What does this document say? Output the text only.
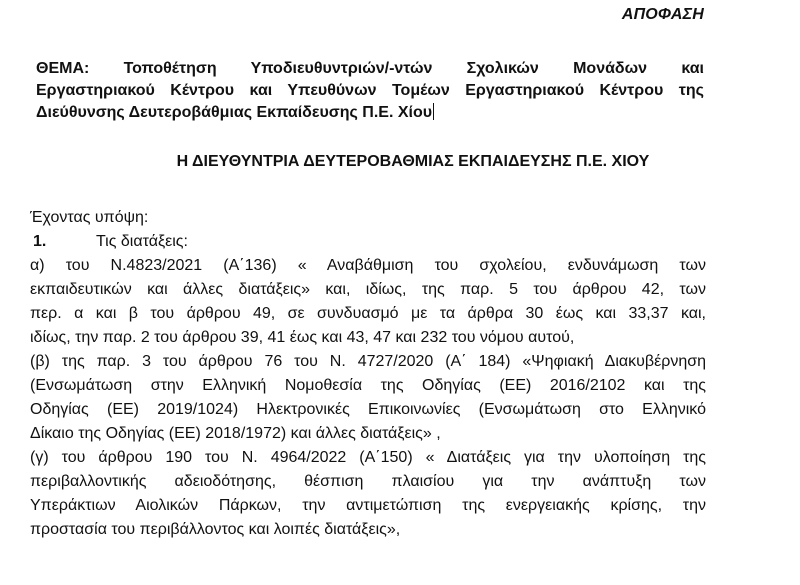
ΑΠΟΦΑΣΗ
ΘΕΜΑ: Τοποθέτηση Υποδιευθυντριών/-ντών Σχολικών Μονάδων και
Εργαστηριακού Κέντρου και Υπευθύνων Τομέων Εργαστηριακού Κέντρου της
Διεύθυνσης Δευτεροβάθμιας Εκπαίδευσης Π.Ε. Χίου
Η ΔΙΕΥΘΥΝΤΡΙΑ ΔΕΥΤΕΡΟΒΑΘΜΙΑΣ ΕΚΠΑΙΔΕΥΣΗΣ Π.Ε. ΧΙΟΥ
Έχοντας υπόψη:
1.	Τις διατάξεις:
α) του Ν.4823/2021 (Α΄136) « Αναβάθμιση του σχολείου, ενδυνάμωση των
εκπαιδευτικών και άλλες διατάξεις» και, ιδίως, της παρ. 5 του άρθρου 42, των
περ. α και β του άρθρου 49, σε συνδυασμό με τα άρθρα 30 έως και 33,37 και,
ιδίως, την παρ. 2 του άρθρου 39, 41 έως και 43, 47 και 232 του νόμου αυτού,
(β) της παρ. 3 του άρθρου 76 του Ν. 4727/2020 (Α΄ 184) «Ψηφιακή Διακυβέρνηση
(Ενσωμάτωση στην Ελληνική Νομοθεσία της Οδηγίας (ΕΕ) 2016/2102 και της
Οδηγίας (ΕΕ) 2019/1024) Ηλεκτρονικές Επικοινωνίες (Ενσωμάτωση στο Ελληνικό
Δίκαιο της Οδηγίας (ΕΕ) 2018/1972) και άλλες διατάξεις» ,
(γ) του άρθρου 190 του Ν. 4964/2022 (Α΄150) « Διατάξεις για την υλοποίηση της
περιβαλλοντικής αδειοδότησης, θέσπιση πλαισίου για την ανάπτυξη των
Υπεράκτιων Αιολικών Πάρκων, την αντιμετώπιση της ενεργειακής κρίσης, την
προστασία του περιβάλλοντος και λοιπές διατάξεις»,
